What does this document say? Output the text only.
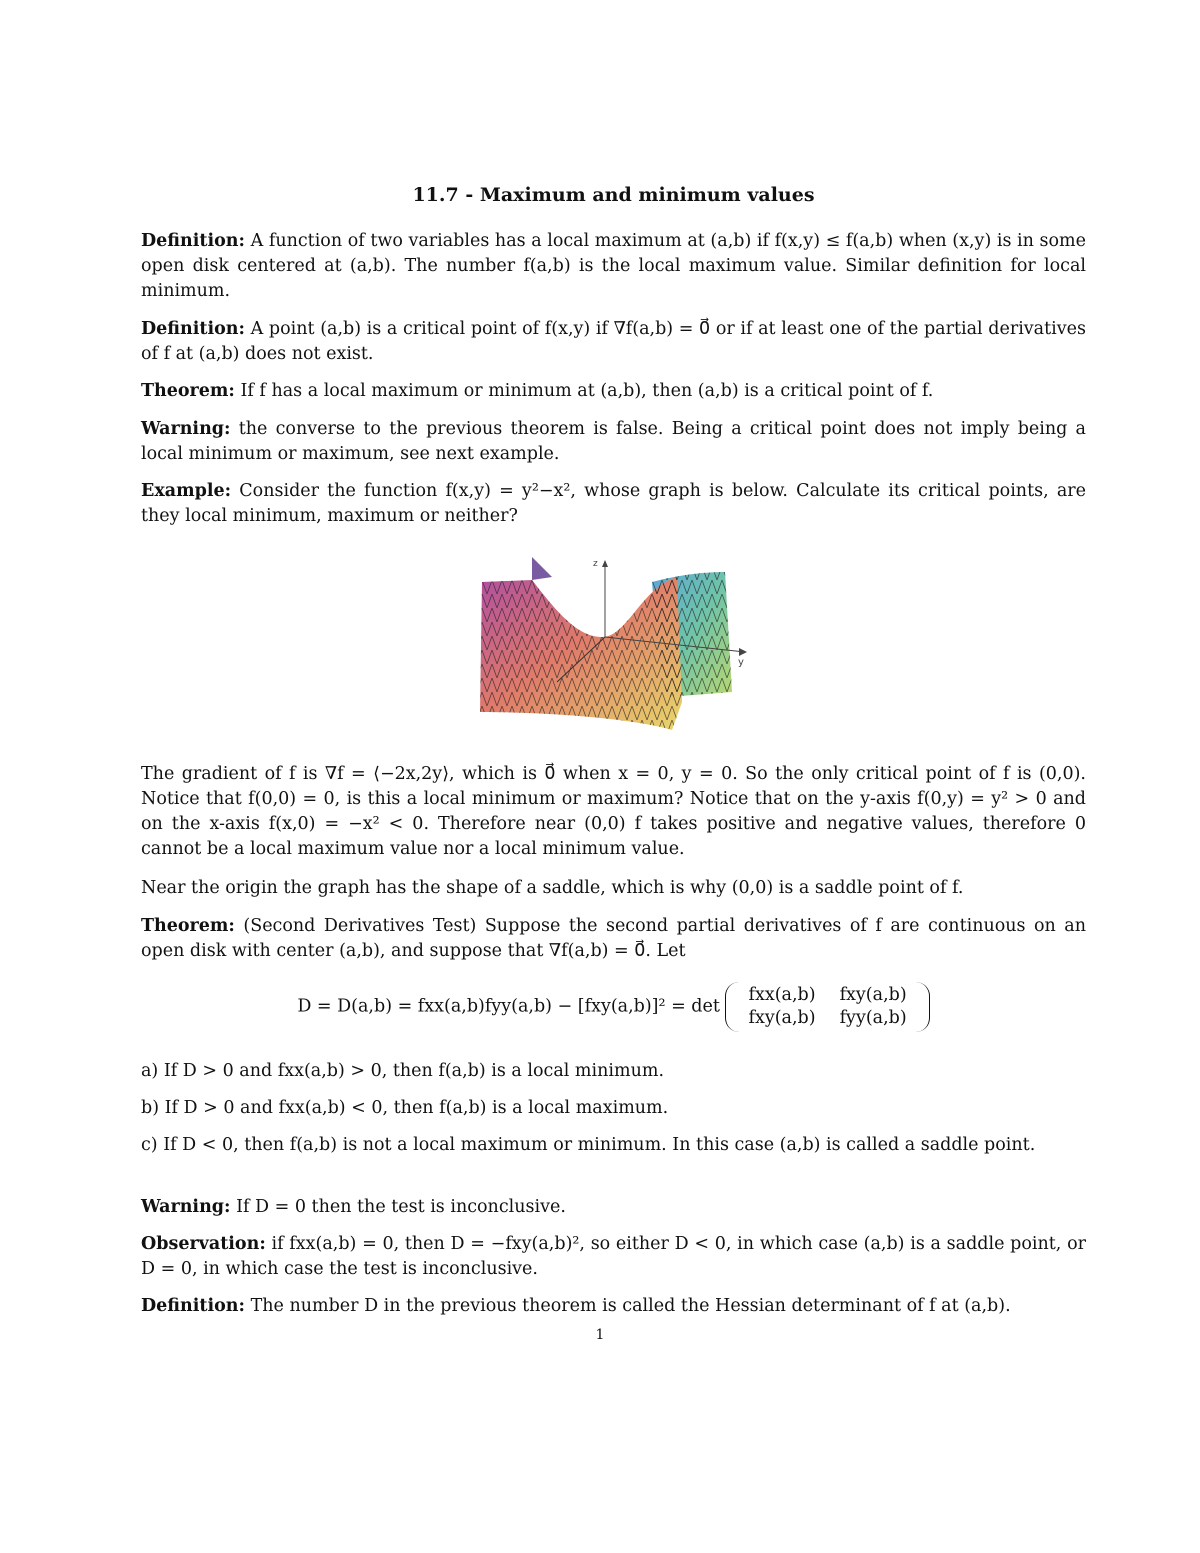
11.7 - Maximum and minimum values
Definition: A function of two variables has a local maximum at (a,b) if f(x,y) ≤ f(a,b) when (x,y) is in some open disk centered at (a,b). The number f(a,b) is the local maximum value. Similar definition for local minimum.
Definition: A point (a,b) is a critical point of f(x,y) if ∇f(a,b) = 0⃗ or if at least one of the partial derivatives of f at (a,b) does not exist.
Theorem: If f has a local maximum or minimum at (a,b), then (a,b) is a critical point of f.
Warning: the converse to the previous theorem is false. Being a critical point does not imply being a local minimum or maximum, see next example.
Example: Consider the function f(x,y) = y²−x², whose graph is below. Calculate its critical points, are they local minimum, maximum or neither?
The gradient of f is ∇f = ⟨−2x,2y⟩, which is 0⃗ when x = 0, y = 0. So the only critical point of f is (0,0). Notice that f(0,0) = 0, is this a local minimum or maximum? Notice that on the y-axis f(0,y) = y² > 0 and on the x-axis f(x,0) = −x² < 0. Therefore near (0,0) f takes positive and negative values, therefore 0 cannot be a local maximum value nor a local minimum value.
Near the origin the graph has the shape of a saddle, which is why (0,0) is a saddle point of f.
Theorem: (Second Derivatives Test) Suppose the second partial derivatives of f are continuous on an open disk with center (a,b), and suppose that ∇f(a,b) = 0⃗. Let
D = D(a,b) = fxx(a,b)fyy(a,b) − [fxy(a,b)]² = det
fxx(a,b)	fxy(a,b)
fxy(a,b)	fyy(a,b)
a) If D > 0 and fxx(a,b) > 0, then f(a,b) is a local minimum.
b) If D > 0 and fxx(a,b) < 0, then f(a,b) is a local maximum.
c) If D < 0, then f(a,b) is not a local maximum or minimum. In this case (a,b) is called a saddle point.
Warning: If D = 0 then the test is inconclusive.
Observation: if fxx(a,b) = 0, then D = −fxy(a,b)², so either D < 0, in which case (a,b) is a saddle point, or D = 0, in which case the test is inconclusive.
Definition: The number D in the previous theorem is called the Hessian determinant of f at (a,b).
z
y
1
